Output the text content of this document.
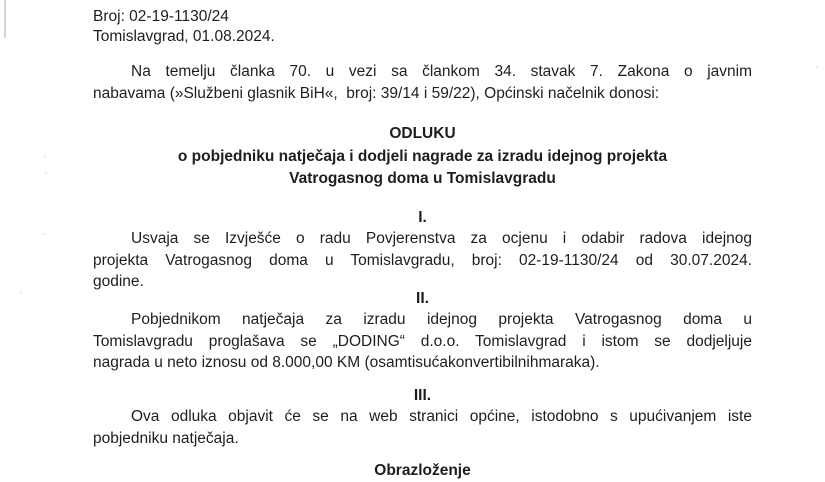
Broj: 02-19-1130/24
Tomislavgrad, 01.08.2024.
Na temelju članka 70. u vezi sa člankom 34. stavak 7. Zakona o javnim
nabavama (»Službeni glasnik BiH«,  broj: 39/14 i 59/22), Općinski načelnik donosi:
ODLUKU
o pobjedniku natječaja i dodjeli nagrade za izradu idejnog projekta
Vatrogasnog doma u Tomislavgradu
I.
Usvaja se Izvješće o radu Povjerenstva za ocjenu i odabir radova idejnog
projekta Vatrogasnog doma u Tomislavgradu, broj: 02-19-1130/24 od 30.07.2024.
godine.
II.
Pobjednikom natječaja za izradu idejnog projekta Vatrogasnog doma u
Tomislavgradu proglašava se „DODING“ d.o.o. Tomislavgrad i istom se dodjeljuje
nagrada u neto iznosu od 8.000,00 KM (osamtisućakonvertibilnihmaraka).
III.
Ova odluka objavit će se na web stranici općine, istodobno s upućivanjem iste
pobjedniku natječaja.
Obrazloženje
